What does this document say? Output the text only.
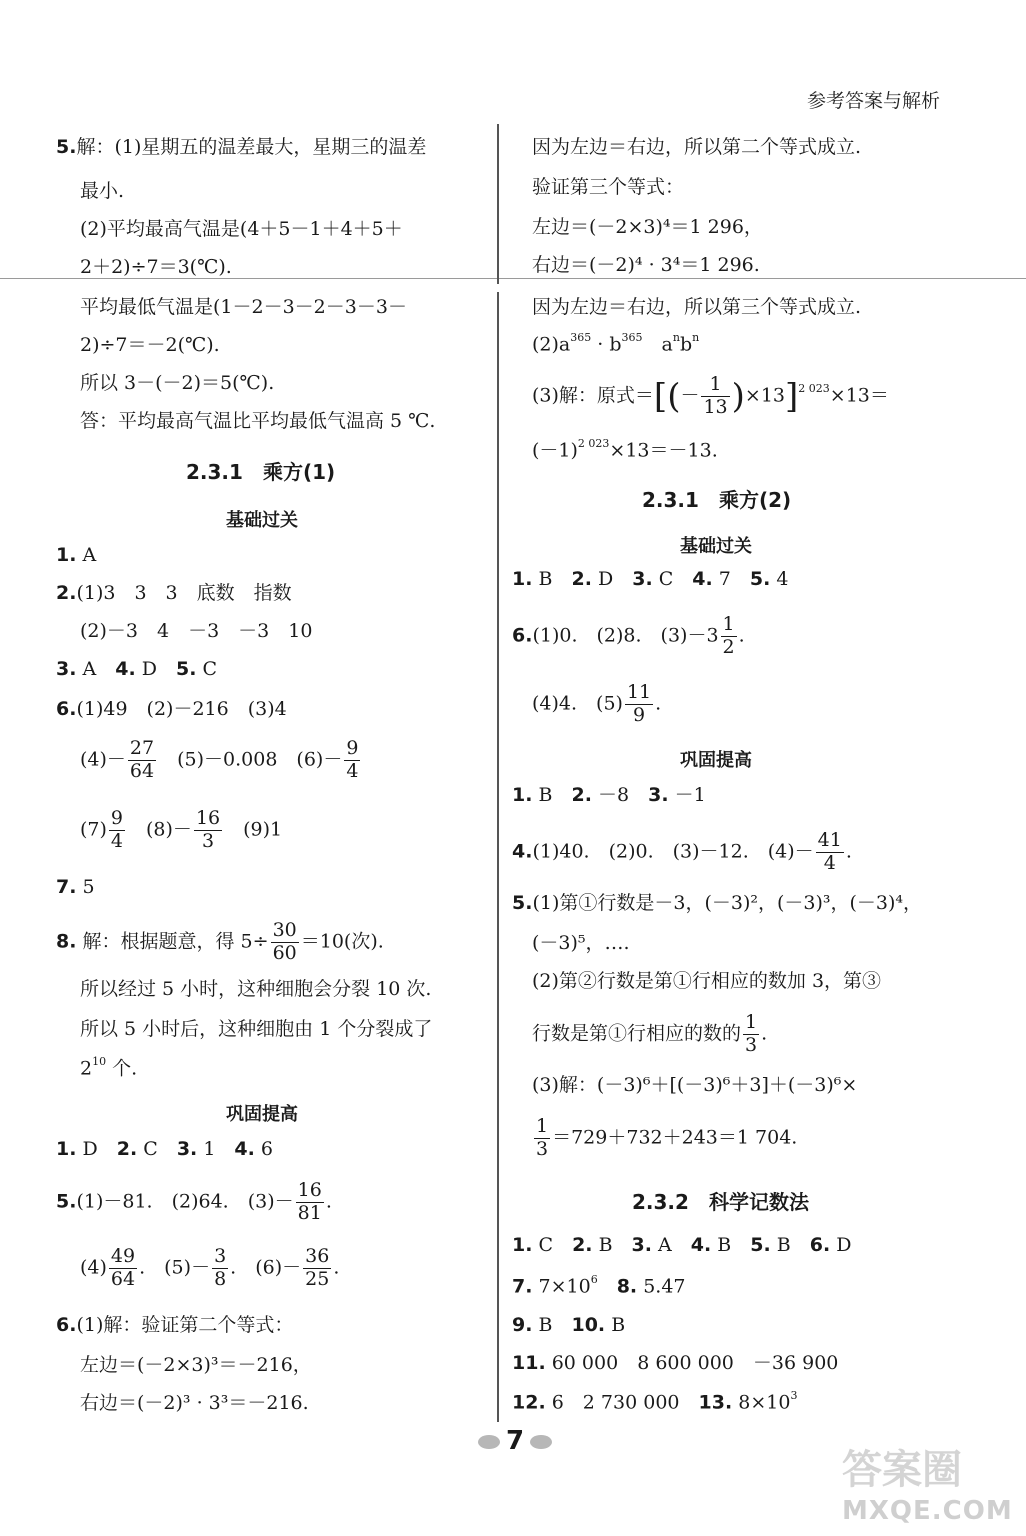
参考答案与解析
5.解：(1)星期五的温差最大，星期三的温差
最小.
(2)平均最高气温是(4＋5－1＋4＋5＋
2＋2)÷7＝3(℃).
平均最低气温是(1－2－3－2－3－3－
2)÷7＝－2(℃).
所以 3－(－2)＝5(℃).
答：平均最高气温比平均最低气温高 5 ℃.
2.3.1　乘方(1)
基础过关
1. A
2.(1)3　3　3　底数　指数
(2)－3　4　－3　－3　10
3. A　 4. D　 5. C
6.(1)49　(2)－216　(3)4
$(4)- \frac{27}{64}$ 　(5)－0.008　$(6)- \frac{9}{4}$
$(7) \frac{9}{4}$ 　$(8)- \frac{16}{3}$ 　(9)1
7. 5
8. 解：根据题意，得 $5\div \frac{30}{60} =10$(次).
所以经过 5 小时，这种细胞会分裂 10 次.
所以 5 小时后，这种细胞由 1 个分裂成了
$2^{10}$ 个.
巩固提高
1. D　 2. C　 3. 1　 4. 6
5.(1)－81.　(2)64.　$(3)- \frac{16}{81}$ .
$(4) \frac{49}{64}$ .　$(5)- \frac{3}{8}$ .　$(6)- \frac{36}{25}$ .
6.(1)解：验证第二个等式：
左边＝(－2×3)³＝－216，
右边＝(－2)³ · 3³＝－216.
因为左边＝右边，所以第二个等式成立.
验证第三个等式：
左边＝(－2×3)⁴＝1 296，
右边＝(－2)⁴ · 3⁴＝1 296.
因为左边＝右边，所以第三个等式成立.
$(2)a^{365} \cdot b^{365}$　$a^nb^n$
(3)解：原式＝[(－ $\frac{1}{13} )\times 13]^{2 023}\times 13=$
$(-1)^{2 023}\times 13=-13$.
2.3.1　乘方(2)
基础过关
1. B　 2. D　 3. C　 4. 7　 5. 4
6.(1)0.　(2)8.　$(3)-3 \frac{1}{2}$ .
(4)4.　$(5) \frac{11}{9}$ .
巩固提高
1. B　 2. －8　 3. －1
4.(1)40.　(2)0.　(3)－12.　$(4)- \frac{41}{4}$ .
5.(1)第①行数是－3，(－3)²，(－3)³，(－3)⁴，
(－3)⁵，….
(2)第②行数是第①行相应的数加 3，第③
行数是第①行相应的数的 $\frac{1}{3}$ .
(3)解：(－3)⁶＋[(－3)⁶＋3]＋(－3)⁶×
$\frac{1}{3} =729+732+243=1$ 704.
2.3.2　科学记数法
1. C　 2. B　 3. A　 4. B　 5. B　 6. D
7. $7\times 10^6$　 8. 5.47
9. B　 10. B
11. 60 000　8 600 000　－36 900
12. 6　2 730 000　 13. $8\times 10^3$
7
答案圈
MXQE.COM
